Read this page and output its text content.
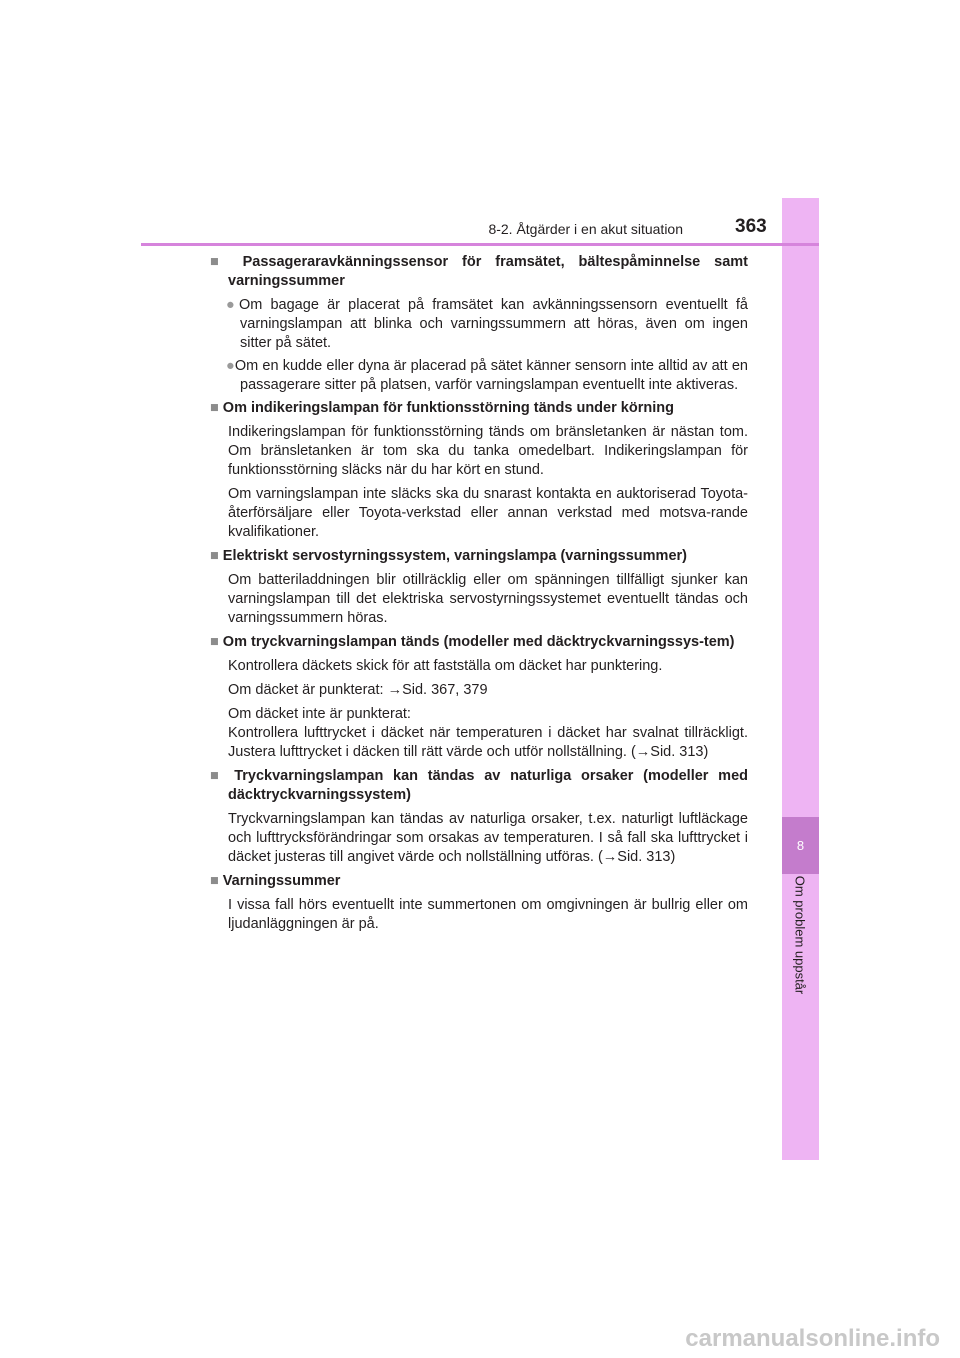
8
Om problem uppstår
8-2. Åtgärder i en akut situation	363
■ Passageraravkänningssensor för framsätet, bältespåminnelse samt varningssummer
●Om bagage är placerat på framsätet kan avkänningssensorn eventuellt få varningslampan att blinka och varningssummern att höras, även om ingen sitter på sätet.
●Om en kudde eller dyna är placerad på sätet känner sensorn inte alltid av att en passagerare sitter på platsen, varför varningslampan eventuellt inte aktiveras.
■ Om indikeringslampan för funktionsstörning tänds under körning
Indikeringslampan för funktionsstörning tänds om bränsletanken är nästan tom. Om bränsletanken är tom ska du tanka omedelbart. Indikeringslampan för funktionsstörning släcks när du har kört en stund.
Om varningslampan inte släcks ska du snarast kontakta en auktoriserad Toyota-återförsäljare eller Toyota-verkstad eller annan verkstad med motsva-rande kvalifikationer.
■ Elektriskt servostyrningssystem, varningslampa (varningssummer)
Om batteriladdningen blir otillräcklig eller om spänningen tillfälligt sjunker kan varningslampan till det elektriska servostyrningssystemet eventuellt tändas och varningssummern höras.
■ Om tryckvarningslampan tänds (modeller med däcktryckvarningssys-tem)
Kontrollera däckets skick för att fastställa om däcket har punktering.
Om däcket är punkterat: →Sid. 367, 379
Om däcket inte är punkterat:
Kontrollera lufttrycket i däcket när temperaturen i däcket har svalnat tillräckligt. Justera lufttrycket i däcken till rätt värde och utför nollställning. (→Sid. 313)
■ Tryckvarningslampan kan tändas av naturliga orsaker (modeller med däcktryckvarningssystem)
Tryckvarningslampan kan tändas av naturliga orsaker, t.ex. naturligt luftläckage och lufttrycksförändringar som orsakas av temperaturen. I så fall ska lufttrycket i däcket justeras till angivet värde och nollställning utföras. (→Sid. 313)
■ Varningssummer
I vissa fall hörs eventuellt inte summertonen om omgivningen är bullrig eller om ljudanläggningen är på.
carmanualsonline.info
